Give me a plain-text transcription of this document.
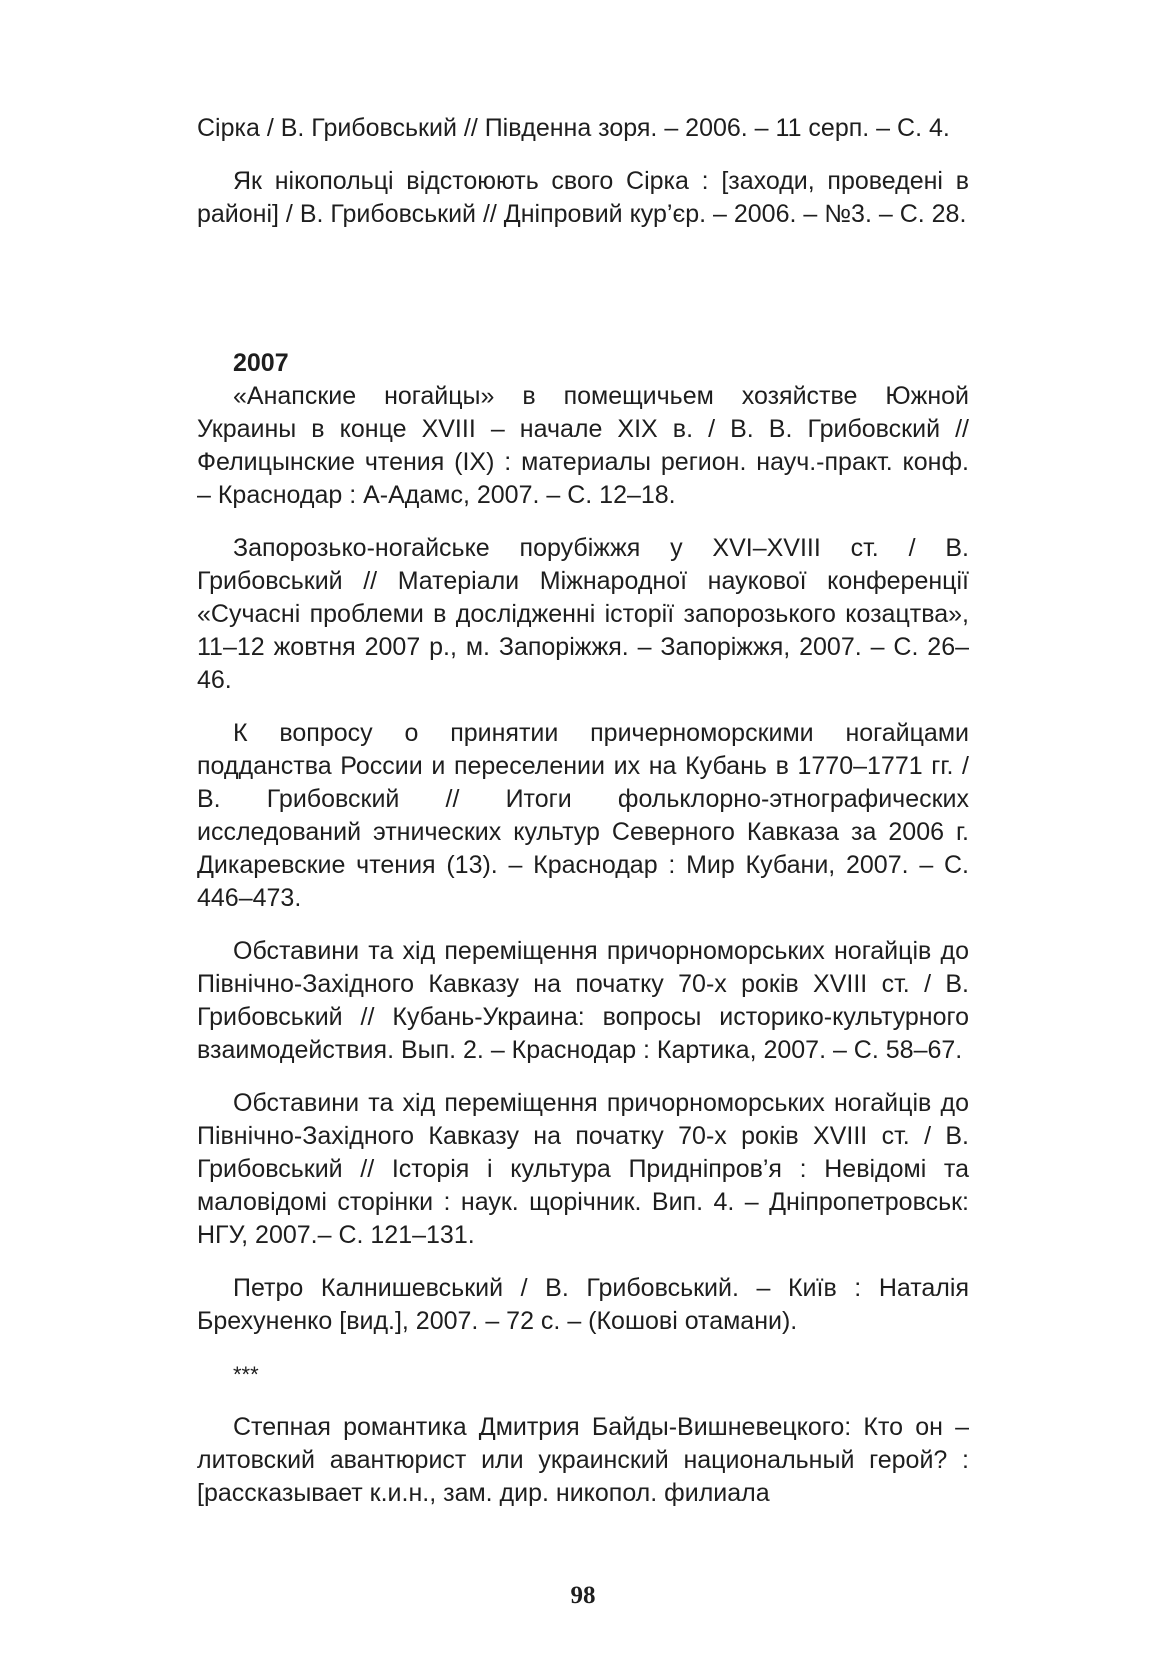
Сірка / В. Грибовський // Південна зоря. – 2006. – 11 серп. – С. 4.

Як нікопольці відстоюють свого Сірка : [заходи, проведені в районі] / В. Грибовський // Дніпровий кур’єр. – 2006. – №3. – С. 28.

2007

«Анапские ногайцы» в помещичьем хозяйстве Южной Украины в конце XVIII – начале XIX в. / В. В. Грибовский // Фелицынские чтения (IX) : материалы регион. науч.-практ. конф. – Краснодар : А-Адамс, 2007. – С. 12–18.

Запорозько-ногайське порубіжжя у XVI–XVIII ст. / В. Грибовський // Матеріали Міжнародної наукової конференції «Сучасні проблеми в дослідженні історії запорозького козацтва», 11–12 жовтня 2007 р., м. Запоріжжя. – Запоріжжя, 2007. – С. 26–46.

К вопросу о принятии причерноморскими ногайцами подданства России и переселении их на Кубань в 1770–1771 гг. / В. Грибовский // Итоги фольклорно-этнографических исследований этнических культур Северного Кавказа за 2006 г. Дикаревские чтения (13). – Краснодар : Мир Кубани, 2007. – С. 446–473.

Обставини та хід переміщення причорноморських ногайців до Північно-Західного Кавказу на початку 70-х років XVIII ст. / В. Грибовський // Кубань-Украина: вопросы историко-культурного взаимодействия. Вып. 2. – Краснодар : Картика, 2007. – С. 58–67.

Обставини та хід переміщення причорноморських ногайців до Північно-Західного Кавказу на початку 70-х років XVIII ст. / В. Грибовський // Історія і культура Придніпров’я : Невідомі та маловідомі сторінки : наук. щорічник. Вип. 4. – Дніпропетровськ: НГУ, 2007.– С. 121–131.

Петро Калнишевський / В. Грибовський. – Київ : Наталія Брехуненко [вид.], 2007. – 72 с. – (Кошові отамани).

***

Степная романтика Дмитрия Байды-Вишневецкого: Кто он – литовский авантюрист или украинский национальный герой? : [рассказывает к.и.н., зам. дир. никопол. филиала

98
